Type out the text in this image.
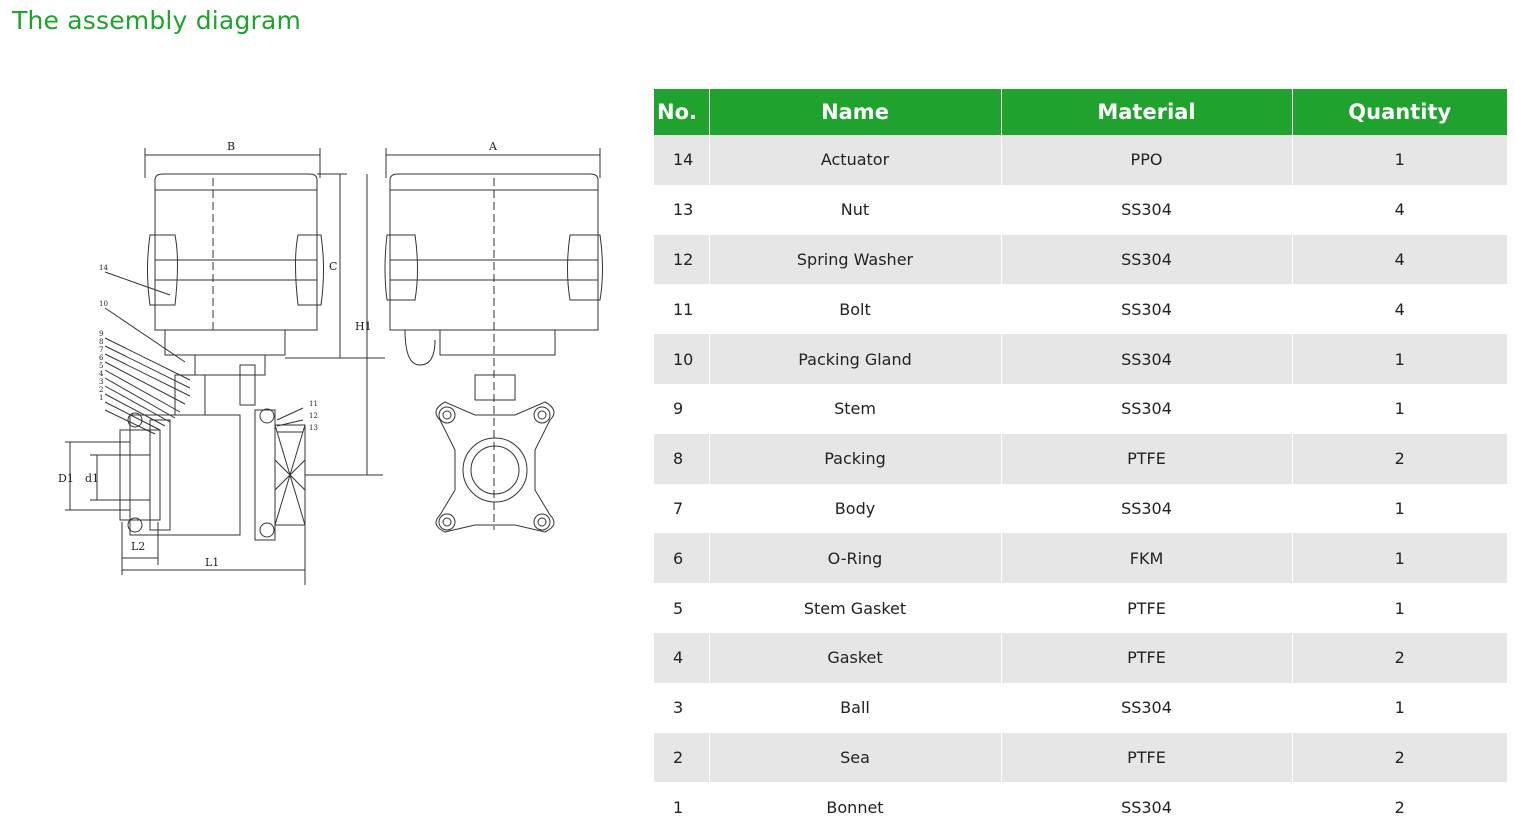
The assembly diagram
B	A
C
H1
D1 d1
L2
L1
14
10
9
8
7
6
5
4
3
2
1
11
12
13
No.	Name	Material	Quantity
14	Actuator	PPO	1
13	Nut	SS304	4
12	Spring Washer	SS304	4
11	Bolt	SS304	4
10	Packing Gland	SS304	1
9	Stem	SS304	1
8	Packing	PTFE	2
7	Body	SS304	1
6	O-Ring	FKM	1
5	Stem Gasket	PTFE	1
4	Gasket	PTFE	2
3	Ball	SS304	1
2	Sea	PTFE	2
1	Bonnet	SS304	2
